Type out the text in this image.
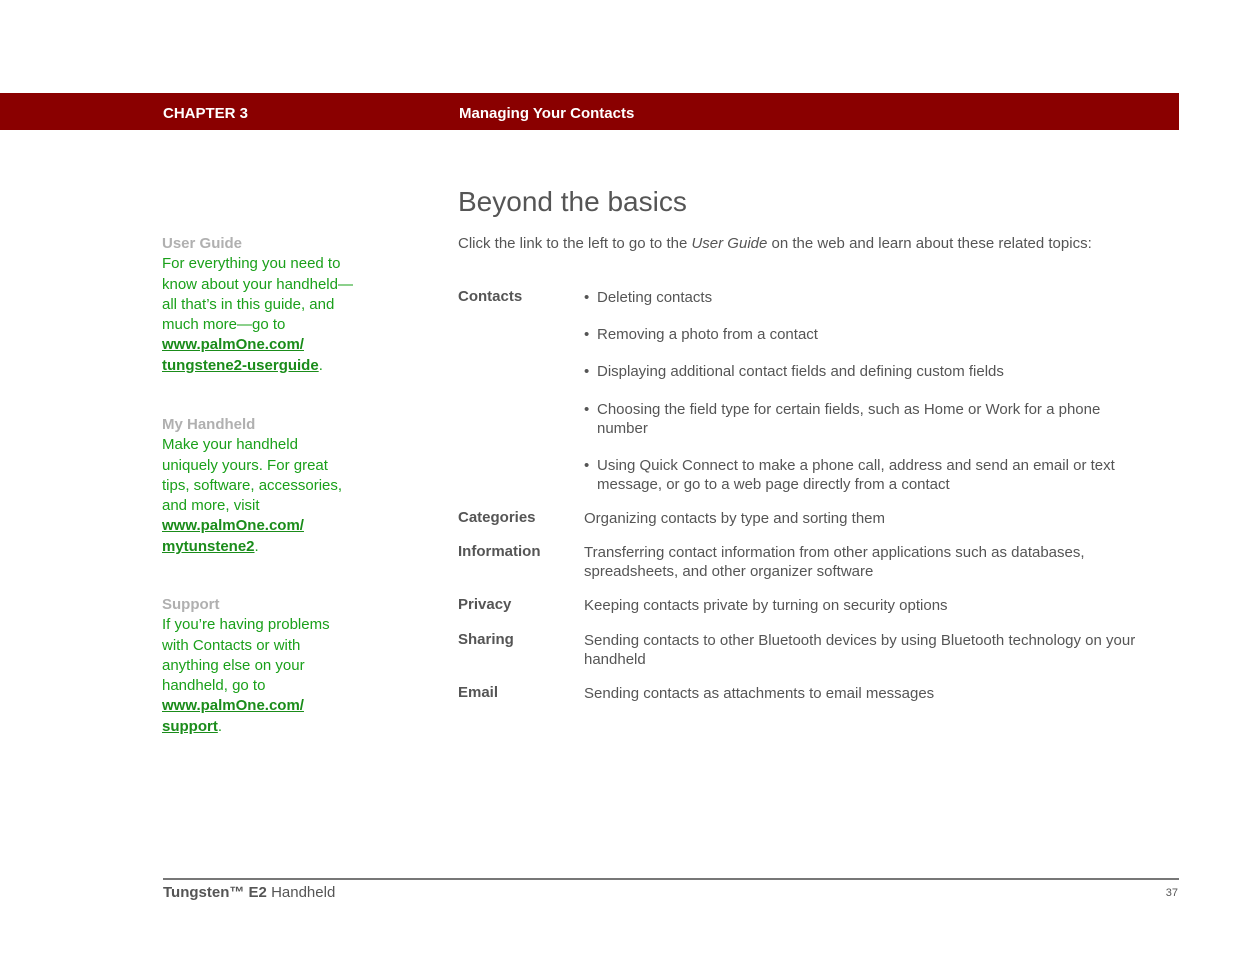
CHAPTER 3	Managing Your Contacts
Beyond the basics
Click the link to the left to go to the User Guide on the web and learn about these related topics:
User Guide
For everything you need to
know about your handheld—
all that’s in this guide, and
much more—go to
www.palmOne.com/
tungstene2-userguide.
My Handheld
Make your handheld
uniquely yours. For great
tips, software, accessories,
and more, visit
www.palmOne.com/
mytunstene2.
Support
If you’re having problems
with Contacts or with
anything else on your
handheld, go to
www.palmOne.com/
support.
Contacts	• Deleting contacts
• Removing a photo from a contact
• Displaying additional contact fields and defining custom fields
• Choosing the field type for certain fields, such as Home or Work for a phone number
• Using Quick Connect to make a phone call, address and send an email or text message, or go to a web page directly from a contact
Categories	Organizing contacts by type and sorting them
Information	Transferring contact information from other applications such as databases, spreadsheets, and other organizer software
Privacy	Keeping contacts private by turning on security options
Sharing	Sending contacts to other Bluetooth devices by using Bluetooth technology on your handheld
Email	Sending contacts as attachments to email messages
Tungsten™ E2 Handheld	37
